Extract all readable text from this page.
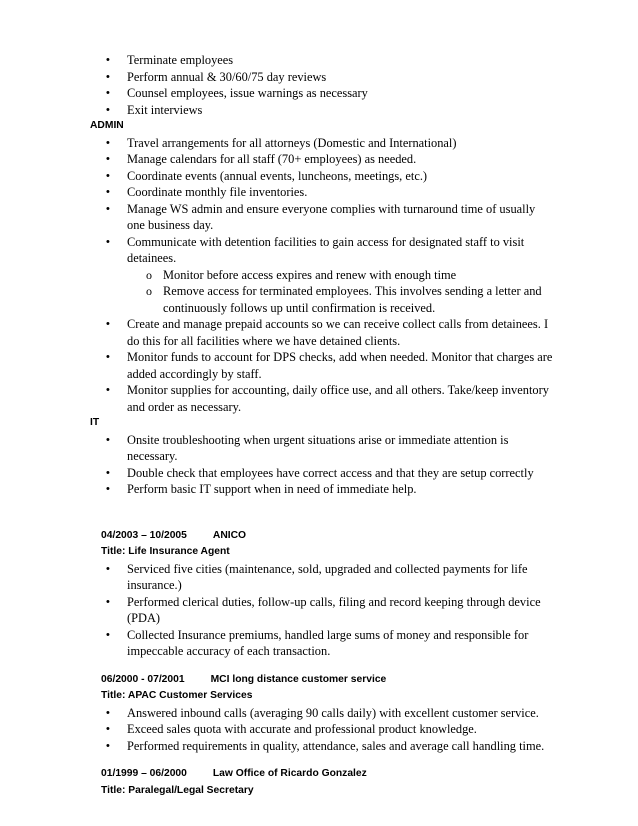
• Terminate employees
• Perform annual & 30/60/75 day reviews
• Counsel employees, issue warnings as necessary
• Exit interviews
ADMIN
• Travel arrangements for all attorneys (Domestic and International)
• Manage calendars for all staff (70+ employees) as needed.
• Coordinate events (annual events, luncheons, meetings, etc.)
• Coordinate monthly file inventories.
• Manage WS admin and ensure everyone complies with turnaround time of usually one business day.
• Communicate with detention facilities to gain access for designated staff to visit detainees.
o Monitor before access expires and renew with enough time
o Remove access for terminated employees. This involves sending a letter and continuously follows up until confirmation is received.
• Create and manage prepaid accounts so we can receive collect calls from detainees. I do this for all facilities where we have detained clients.
• Monitor funds to account for DPS checks, add when needed. Monitor that charges are added accordingly by staff.
• Monitor supplies for accounting, daily office use, and all others. Take/keep inventory and order as necessary.
IT
• Onsite troubleshooting when urgent situations arise or immediate attention is necessary.
• Double check that employees have correct access and that they are setup correctly
• Perform basic IT support when in need of immediate help.
04/2003 – 10/2005	ANICO
Title: Life Insurance Agent
• Serviced five cities (maintenance, sold, upgraded and collected payments for life insurance.)
• Performed clerical duties, follow-up calls, filing and record keeping through device (PDA)
• Collected Insurance premiums, handled large sums of money and responsible for impeccable accuracy of each transaction.
06/2000 - 07/2001	MCI long distance customer service
Title: APAC Customer Services
• Answered inbound calls (averaging 90 calls daily) with excellent customer service.
• Exceed sales quota with accurate and professional product knowledge.
• Performed requirements in quality, attendance, sales and average call handling time.
01/1999 – 06/2000	Law Office of Ricardo Gonzalez
Title: Paralegal/Legal Secretary
